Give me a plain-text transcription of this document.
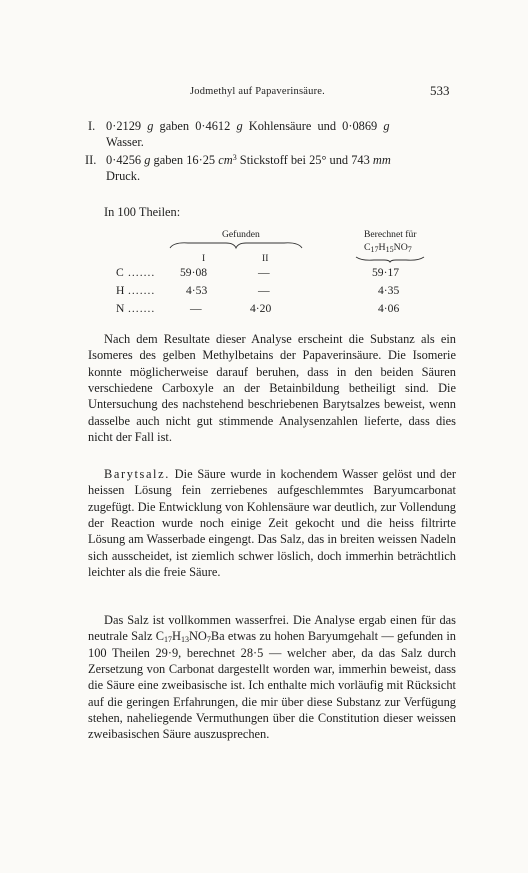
Jodmethyl auf Papaverinsäure.	533
I. 0·2129 g gaben 0·4612 g Kohlensäure und 0·0869 g
Wasser.
II. 0·4256 g gaben 16·25 $cm^3$ Stickstoff bei 25° und 743 mm
Druck.
In 100 Theilen:
Gefunden	Berechnet für
$C_{17}H_{15}NO_7$
I	II
C ....... 59·08	—	59·17
H .......	4·53	—	4·35
N .......	—	4·20	4·06

Nach dem Resultate dieser Analyse erscheint die Substanz als ein Isomeres des gelben Methylbetains der Papaverinsäure. Die Isomerie konnte möglicherweise darauf beruhen, dass in den beiden Säuren verschiedene Carboxyle an der Betainbildung betheiligt sind. Die Untersuchung des nachstehend beschriebenen Barytsalzes beweist, wenn dasselbe auch nicht gut stimmende Analysenzahlen lieferte, dass dies nicht der Fall ist.

Barytsalz. Die Säure wurde in kochendem Wasser gelöst und der heissen Lösung fein zerriebenes aufgeschlemmtes Baryumcarbonat zugefügt. Die Entwicklung von Kohlensäure war deutlich, zur Vollendung der Reaction wurde noch einige Zeit gekocht und die heiss filtrirte Lösung am Wasserbade eingengt. Das Salz, das in breiten weissen Nadeln sich ausscheidet, ist ziemlich schwer löslich, doch immerhin beträchtlich leichter als die freie Säure.

Das Salz ist vollkommen wasserfrei. Die Analyse ergab einen für das neutrale Salz $C_{17}H_{13}NO_7Ba$ etwas zu hohen Baryumgehalt — gefunden in 100 Theilen 29·9, berechnet 28·5 — welcher aber, da das Salz durch Zersetzung von Carbonat dargestellt worden war, immerhin beweist, dass die Säure eine zweibasische ist. Ich enthalte mich vorläufig mit Rücksicht auf die geringen Erfahrungen, die mir über diese Substanz zur Verfügung stehen, naheliegende Vermuthungen über die Constitution dieser weissen zweibasischen Säure auszusprechen.
